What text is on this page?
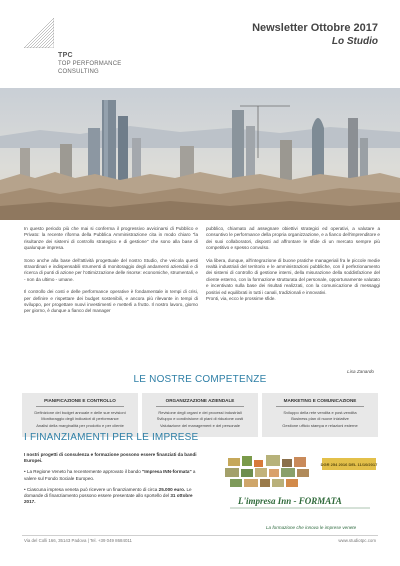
TPC
TOP PERFORMANCE CONSULTING
Newsletter Ottobre 2017
Lo Studio

In questo periodo più che mai si conferma il progressivo avvicinarsi di Pubblico e Privato: la recente riforma della Pubblica Amministrazione cita in modo chiaro "la risultanze dei sistemi di controllo strategico e di gestione" che sono alla base di qualunque impresa.

Sono anche alla base dell'attività progettuale del nostro Studio, che veicola questi straordinari e indispensabili strumenti di monitoraggio degli andamenti aziendali e di ricerca di punti di azione per l'ottimizzazione delle risorse: economiche, strumentali, e - non da ultimo - umane.

Il controllo dei costi e delle performance operative è fondamentale in tempi di crisi, per definire e rispettare dei budget sostenibili, e ancora più rilevante in tempi di sviluppo, per progettare nuovi investimenti e metterli a frutto. Il nostro lavoro, giorno per giorno, è dunque a fianco del manager

pubblico, chiamato ad assegnare obiettivi strategici ed operativi, a valutare a consuntivo le performance della propria organizzazione, e a fianco dell'imprenditore e dei suoi collaboratori, disposti ad affrontare le sfide di un mercato sempre più competitivo e spesso convulso.

Via libera, dunque, all'integrazione di buone pratiche manageriali fra le piccole medie realtà industriali del territorio e le amministrazioni pubbliche, con il perfezionamento dei sistemi di controllo di gestione interni, della misurazione della soddisfazione del cliente esterno, con la formazione strutturata del personale, opportunamente valutato e incentivato sulla base dei risultati realizzati, con la comunicazione di messaggi positivi ed equilibrati in tutti i canali, tradizionali e innovativi.

Pronti, via, ecco le prossime sfide.

Lisa Zanardo
LE NOSTRE COMPETENZE
PIANIFICAZIONE E CONTROLLO
Definizione del budget annuale e delle sue revisioni
Monitoraggio degli indicatori di performance
Analisi della marginalità per prodotto e per cliente
ORGANIZZAZIONE AZIENDALE
Revisione degli organi e dei processi industriali
Sviluppo e condivisione di piani di riduzione costi
Valutazione del management e del personale
MARKETING E COMUNICAZIONE
Sviluppo della rete vendita e post-vendita
Business plan di nuove iniziative
Gestione ufficio stampa e relazioni esterne
I FINANZIAMENTI PER LE IMPRESE

I nostri progetti di consulenza e formazione possono essere finanziati da bandi Europei.

• La Regione Veneto ha recentemente approvato il bando "Impresa INN-formata" a valere sul Fondo Sociale Europeo.

• Ciascuna impresa veneta può ricevere un finanziamento di circa 25.000 euro. Le domande di finanziamento possono essere presentate allo sportello del 31 ottobre 2017.

DGR 254 2016 DEL 11/10/2017
L'impresa Inn - FORMATA
La formazione che innova le imprese venete
Via del Colli 166, 35143 Padova | Tel. +39 049 8684011	www.studiotpc.com
